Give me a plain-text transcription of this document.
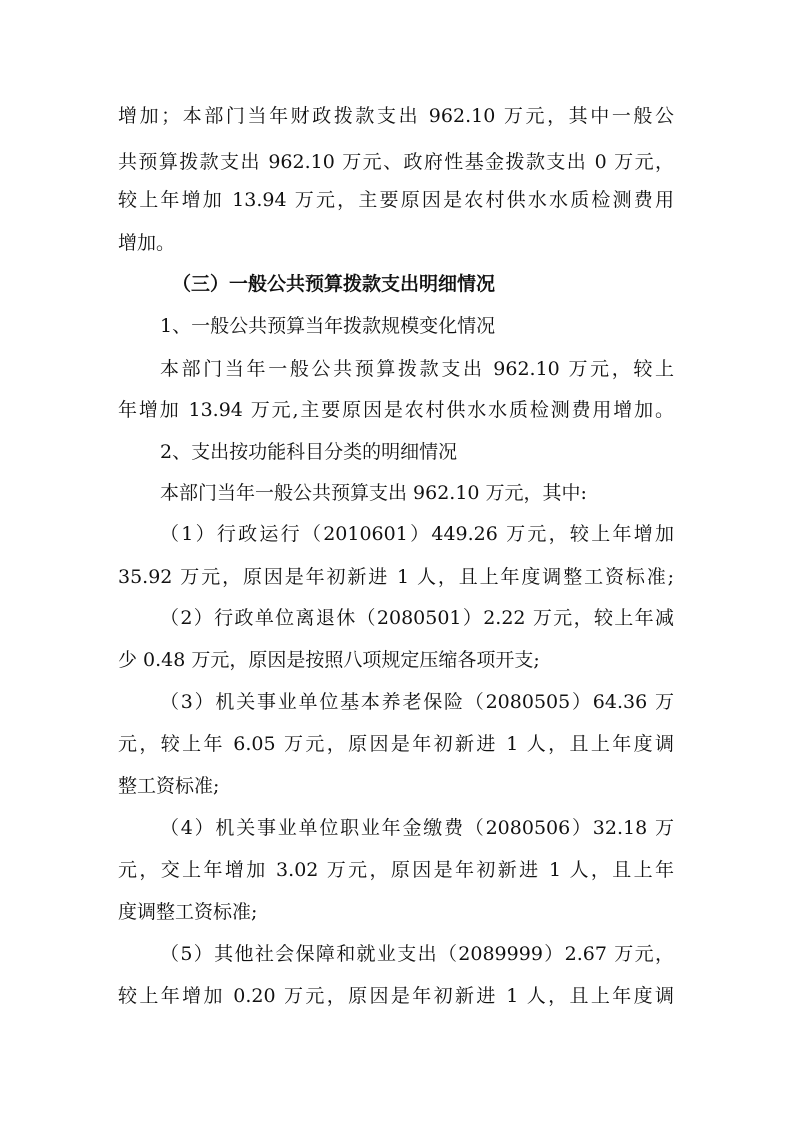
增加；本部门当年财政拨款支出 962.10 万元，其中一般公
共预算拨款支出 962.10 万元、政府性基金拨款支出 0 万元，
较上年增加 13.94 万元，主要原因是农村供水水质检测费用
增加。
（三）一般公共预算拨款支出明细情况
1、一般公共预算当年拨款规模变化情况
本部门当年一般公共预算拨款支出 962.10 万元，较上
年增加 13.94 万元,主要原因是农村供水水质检测费用增加。
2、支出按功能科目分类的明细情况
本部门当年一般公共预算支出 962.10 万元，其中:
（1）行政运行（2010601）449.26 万元，较上年增加
35.92 万元，原因是年初新进 1 人，且上年度调整工资标准;
（2）行政单位离退休（2080501）2.22 万元，较上年减
少 0.48 万元，原因是按照八项规定压缩各项开支;
（3）机关事业单位基本养老保险（2080505）64.36 万
元，较上年 6.05 万元，原因是年初新进 1 人，且上年度调
整工资标准;
（4）机关事业单位职业年金缴费（2080506）32.18 万
元，交上年增加 3.02 万元，原因是年初新进 1 人，且上年
度调整工资标准;
（5）其他社会保障和就业支出（2089999）2.67 万元，
较上年增加 0.20 万元，原因是年初新进 1 人，且上年度调
